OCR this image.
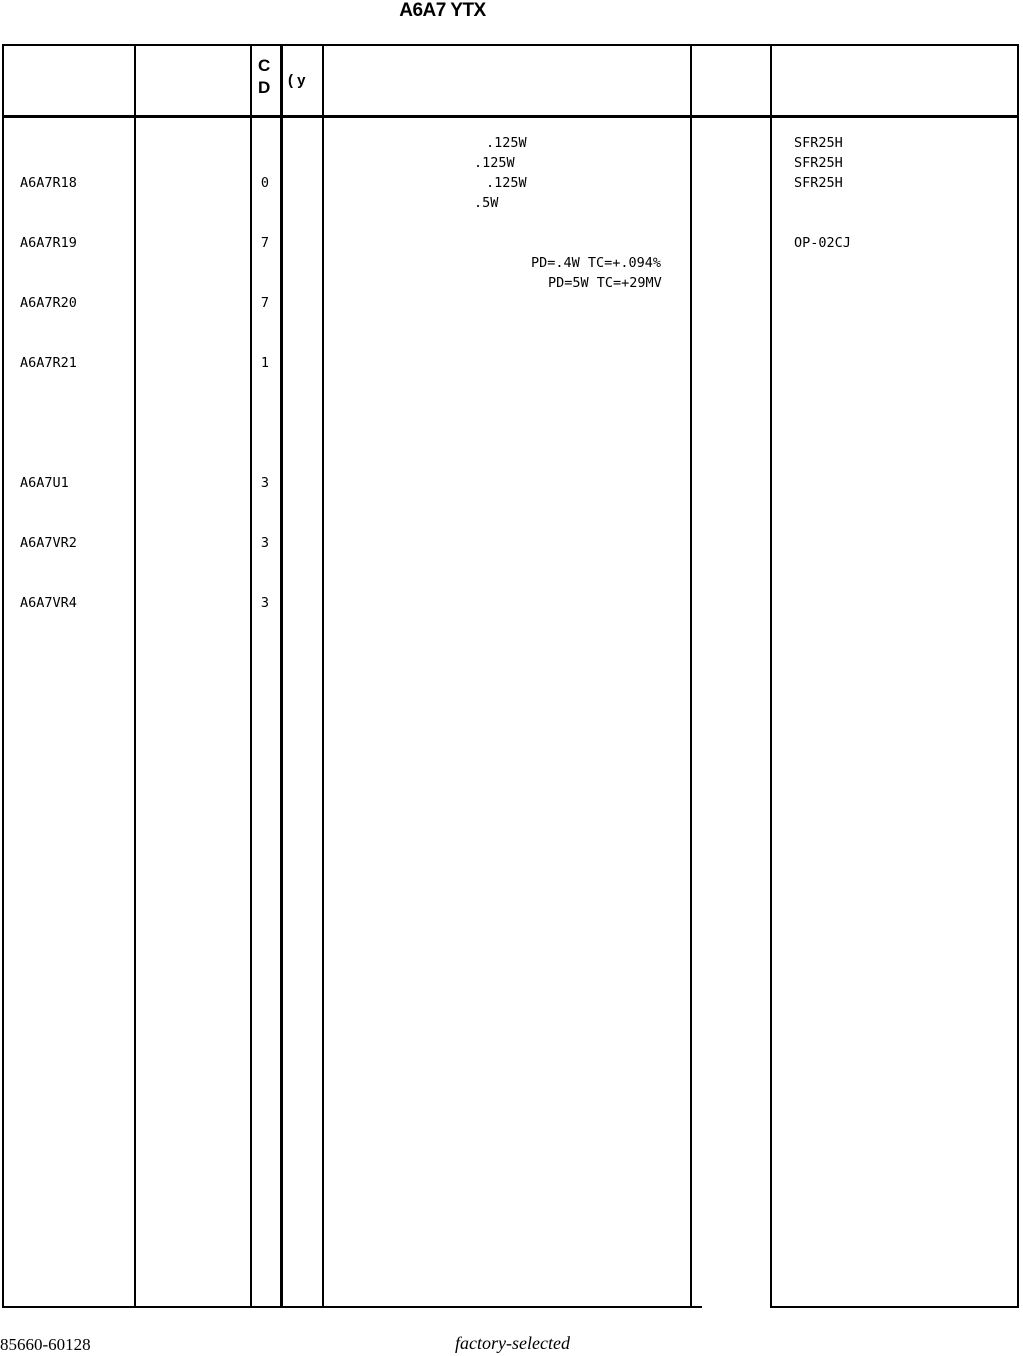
A6A7 YTX
C
D ( y

A6A7R18

A6A7R19

A6A7R20

A6A7R21

A6A7U1

A6A7VR2

A6A7VR4

0

7

7

1

3

3

3

.125W
.125W
.125W
.5W
PD=.4W TC=+.094%
PD=5W TC=+29MV
SFR25H
SFR25H
SFR25H
OP-02CJ
85660-60128	factory-selected
